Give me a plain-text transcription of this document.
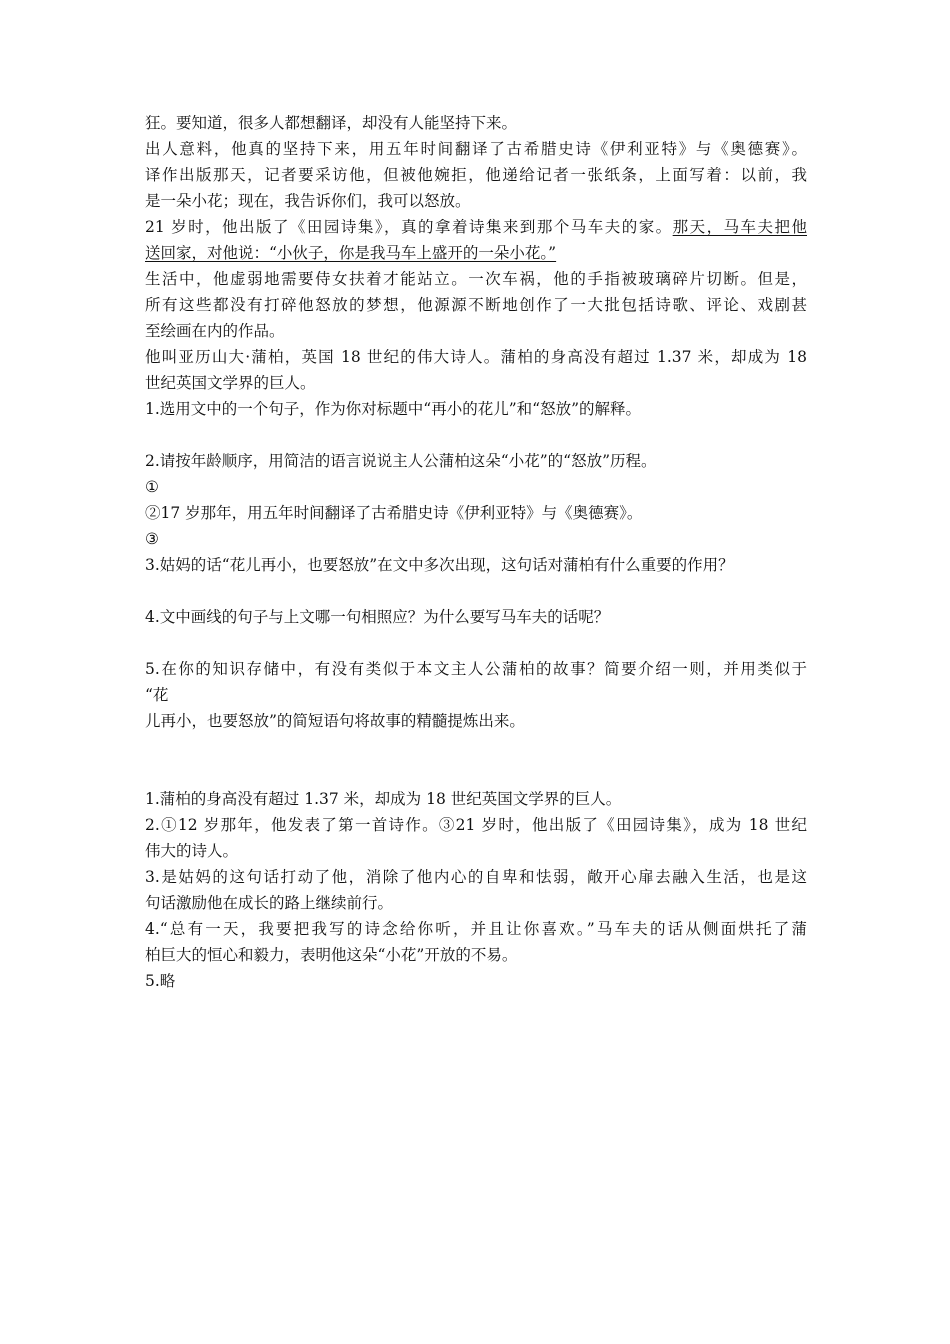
狂。要知道，很多人都想翻译，却没有人能坚持下来。
出人意料，他真的坚持下来，用五年时间翻译了古希腊史诗《伊利亚特》与《奥德赛》。
译作出版那天，记者要采访他，但被他婉拒，他递给记者一张纸条，上面写着：以前，我
是一朵小花；现在，我告诉你们，我可以怒放。
21 岁时，他出版了《田园诗集》，真的拿着诗集来到那个马车夫的家。那天，马车夫把他
送回家，对他说：“小伙子，你是我马车上盛开的一朵小花。”
生活中，他虚弱地需要侍女扶着才能站立。一次车祸，他的手指被玻璃碎片切断。但是，
所有这些都没有打碎他怒放的梦想，他源源不断地创作了一大批包括诗歌、评论、戏剧甚
至绘画在内的作品。
他叫亚历山大·蒲柏，英国 18 世纪的伟大诗人。蒲柏的身高没有超过 1.37 米，却成为 18
世纪英国文学界的巨人。
1.选用文中的一个句子，作为你对标题中“再小的花儿”和“怒放”的解释。
2.请按年龄顺序，用简洁的语言说说主人公蒲柏这朵“小花”的“怒放”历程。
①
②17 岁那年，用五年时间翻译了古希腊史诗《伊利亚特》与《奥德赛》。
③
3.姑妈的话“花儿再小，也要怒放”在文中多次出现，这句话对蒲柏有什么重要的作用？
4.文中画线的句子与上文哪一句相照应？为什么要写马车夫的话呢？
5.在你的知识存储中，有没有类似于本文主人公蒲柏的故事？简要介绍一则，并用类似于
“花
儿再小，也要怒放”的简短语句将故事的精髓提炼出来。
1.蒲柏的身高没有超过 1.37 米，却成为 18 世纪英国文学界的巨人。
2.①12 岁那年，他发表了第一首诗作。③21 岁时，他出版了《田园诗集》，成为 18 世纪
伟大的诗人。
3.是姑妈的这句话打动了他，消除了他内心的自卑和怯弱，敞开心扉去融入生活，也是这
句话激励他在成长的路上继续前行。
4.“总有一天，我要把我写的诗念给你听，并且让你喜欢。”马车夫的话从侧面烘托了蒲
柏巨大的恒心和毅力，表明他这朵“小花”开放的不易。
5.略
